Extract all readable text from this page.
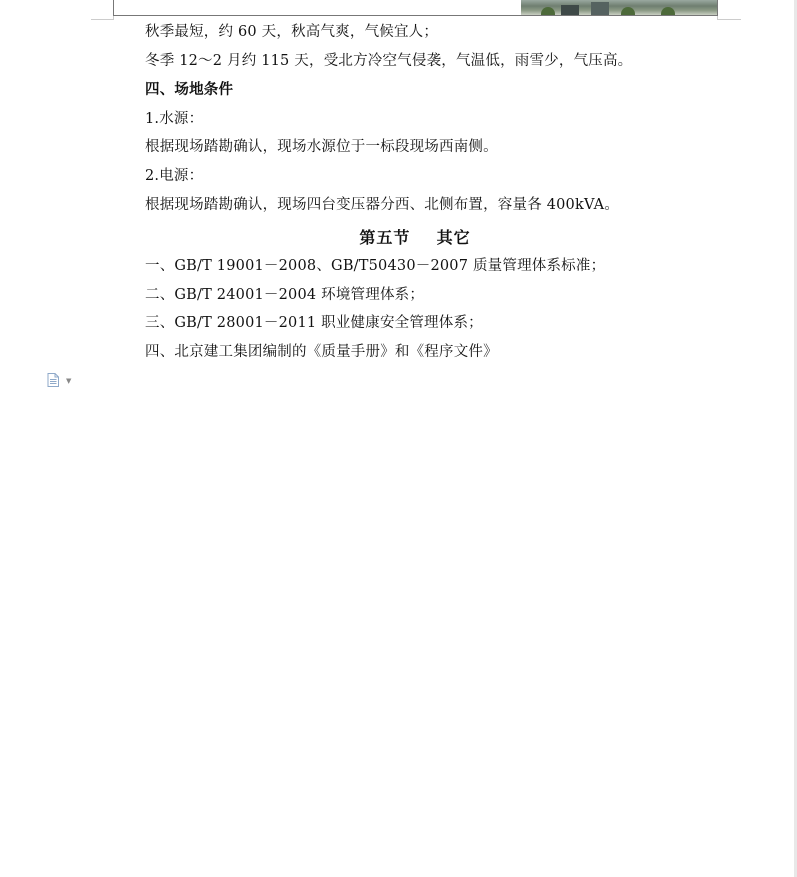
秋季最短，约 60 天，秋高气爽，气候宜人；
冬季 12～2 月约 115 天，受北方冷空气侵袭，气温低，雨雪少，气压高。
四、场地条件
1.水源：
根据现场踏勘确认，现场水源位于一标段现场西南侧。
2.电源：
根据现场踏勘确认，现场四台变压器分西、北侧布置，容量各 400kVA。
第五节    其它
一、GB/T 19001－2008、GB/T50430－2007 质量管理体系标准；
二、GB/T 24001－2004 环境管理体系；
三、GB/T 28001－2011 职业健康安全管理体系；
四、北京建工集团编制的《质量手册》和《程序文件》
▼
